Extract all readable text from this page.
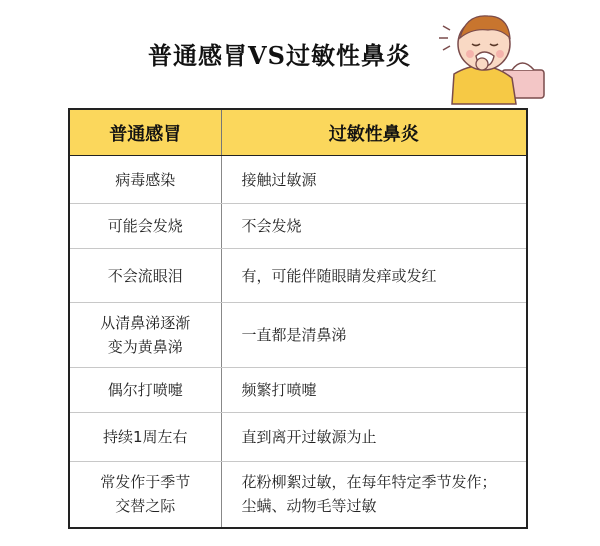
普通感冒VS过敏性鼻炎
普通感冒	过敏性鼻炎

病毒感染	接触过敏源

可能会发烧	不会发烧

不会流眼泪	有，可能伴随眼睛发痒或发红

从清鼻涕逐渐
变为黄鼻涕	一直都是清鼻涕

偶尔打喷嚏	频繁打喷嚏

持续1周左右	直到离开过敏源为止

常发作于季节
交替之际	花粉柳絮过敏，在每年特定季节发作；
尘螨、动物毛等过敏
